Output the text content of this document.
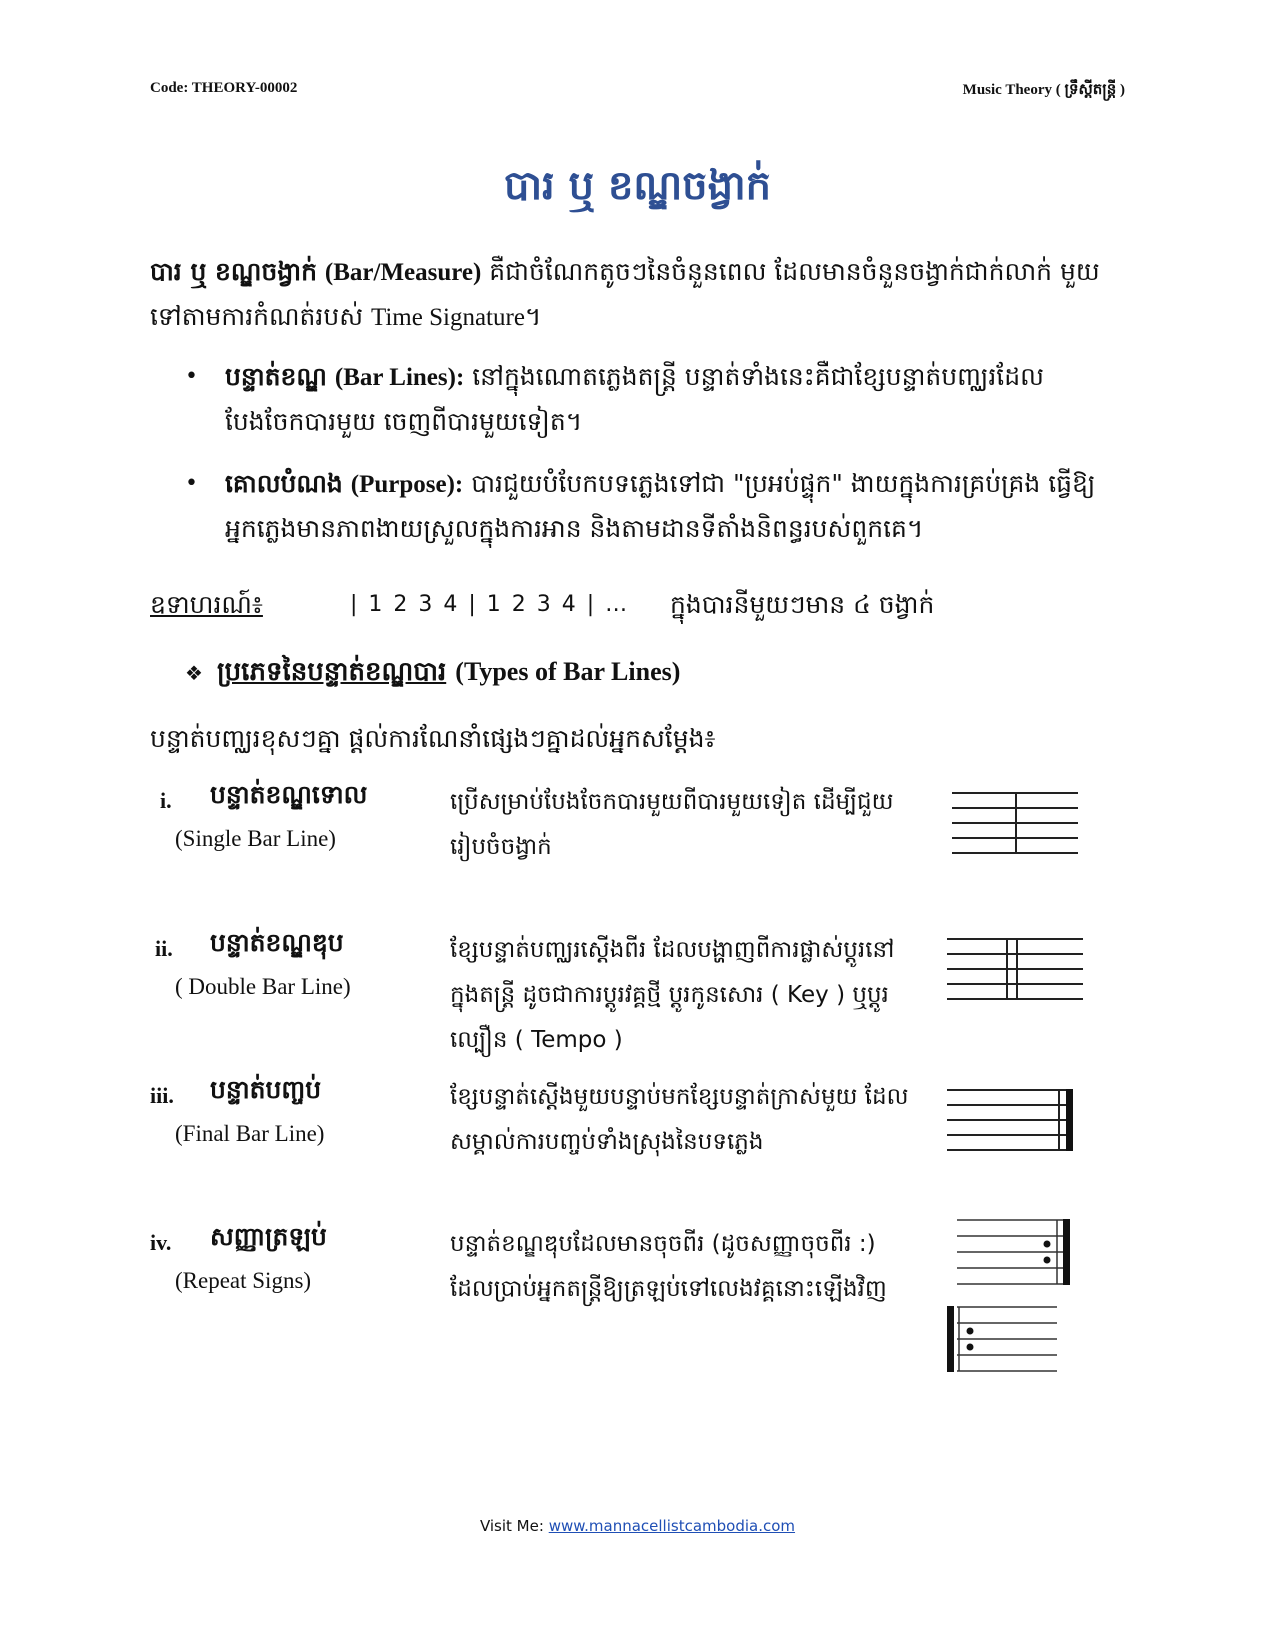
Code: THEORY-00002	Music Theory ( ទ្រឹស្តីតន្ត្រី )
បារ ឬ ខណ្ឌចង្វាក់
បារ ឬ ខណ្ឌចង្វាក់ (Bar/Measure) គឺជាចំណែកតូចៗនៃចំនួនពេល ដែលមានចំនួនចង្វាក់ជាក់លាក់ មួយ ទៅតាមការកំណត់របស់ Time Signature។
• បន្ទាត់ខណ្ឌ (Bar Lines): នៅក្នុងណោតភ្លេងតន្ត្រី បន្ទាត់ទាំងនេះគឺជាខ្សែបន្ទាត់បញ្ឈរដែល បែងចែកបារមួយ ចេញពីបារមួយទៀត។
• គោលបំណង (Purpose): បារជួយបំបែកបទភ្លេងទៅជា "ប្រអប់ផ្ទុក" ងាយក្នុងការគ្រប់គ្រង ធ្វើឱ្យអ្នកភ្លេងមានភាពងាយស្រួលក្នុងការអាន និងតាមដានទីតាំងនិពន្ធរបស់ពួកគេ។
ឧទាហរណ៍៖	| 1 2 3 4 | 1 2 3 4 | … ក្នុងបារនីមួយៗមាន ៤ ចង្វាក់
❖ ប្រភេទនៃបន្ទាត់ខណ្ឌបារ (Types of Bar Lines)
បន្ទាត់បញ្ឈរខុសៗគ្នា ផ្តល់ការណែនាំផ្សេងៗគ្នាដល់អ្នកសម្តែង៖
i. បន្ទាត់ខណ្ឌទោល
(Single Bar Line)
ប្រើសម្រាប់បែងចែកបារមួយពីបារមួយទៀត ដើម្បីជួយរៀបចំចង្វាក់
ii. បន្ទាត់ខណ្ឌឌុប
( Double Bar Line)
ខ្សែបន្ទាត់បញ្ឈរស្តើងពីរ ដែលបង្ហាញពីការផ្លាស់ប្តូរនៅក្នុងតន្ត្រី ដូចជាការប្តូរវគ្គថ្មី ប្តូរកូនសោរ ( Key ) ឬប្តូរល្បឿន ( Tempo )
iii. បន្ទាត់បញ្ចប់
(Final Bar Line)
ខ្សែបន្ទាត់ស្តើងមួយបន្ទាប់មកខ្សែបន្ទាត់ក្រាស់មួយ ដែលសម្គាល់ការបញ្ចប់ទាំងស្រុងនៃបទភ្លេង
iv. សញ្ញាត្រឡប់
(Repeat Signs)
បន្ទាត់ខណ្ឌឌុបដែលមានចុចពីរ (ដូចសញ្ញាចុចពីរ :) ដែលប្រាប់អ្នកតន្ត្រីឱ្យត្រឡប់ទៅលេងវគ្គនោះឡើងវិញ
Visit Me: www.mannacellistcambodia.com
